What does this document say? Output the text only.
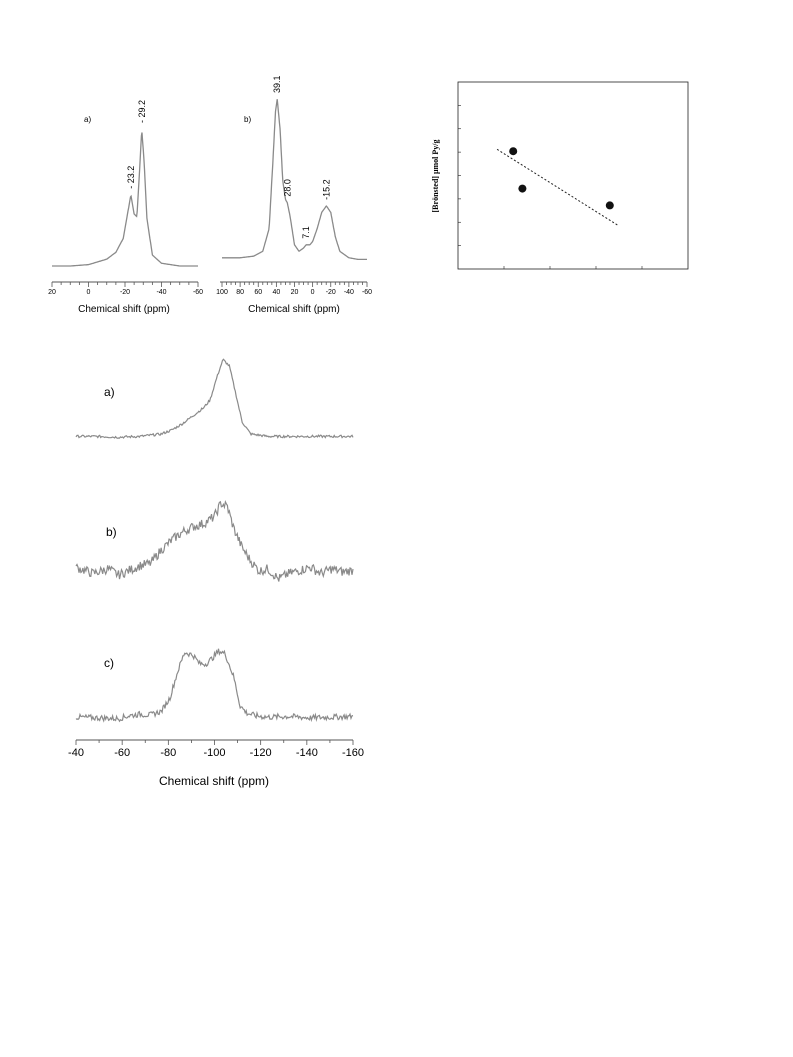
a)
20	0	-20	-40	-60
Chemical shift (ppm)
- 23.2
- 29.2	b)
100 80 60 40 20 0 -20 -40 -60
Chemical shift (ppm)
39.1
28.0
7.1
-15.2	[Brönsted] μmol Py/g
a)
b)
c)
-40	-60	-80 -100 -120 -140 -160
Chemical shift (ppm)
